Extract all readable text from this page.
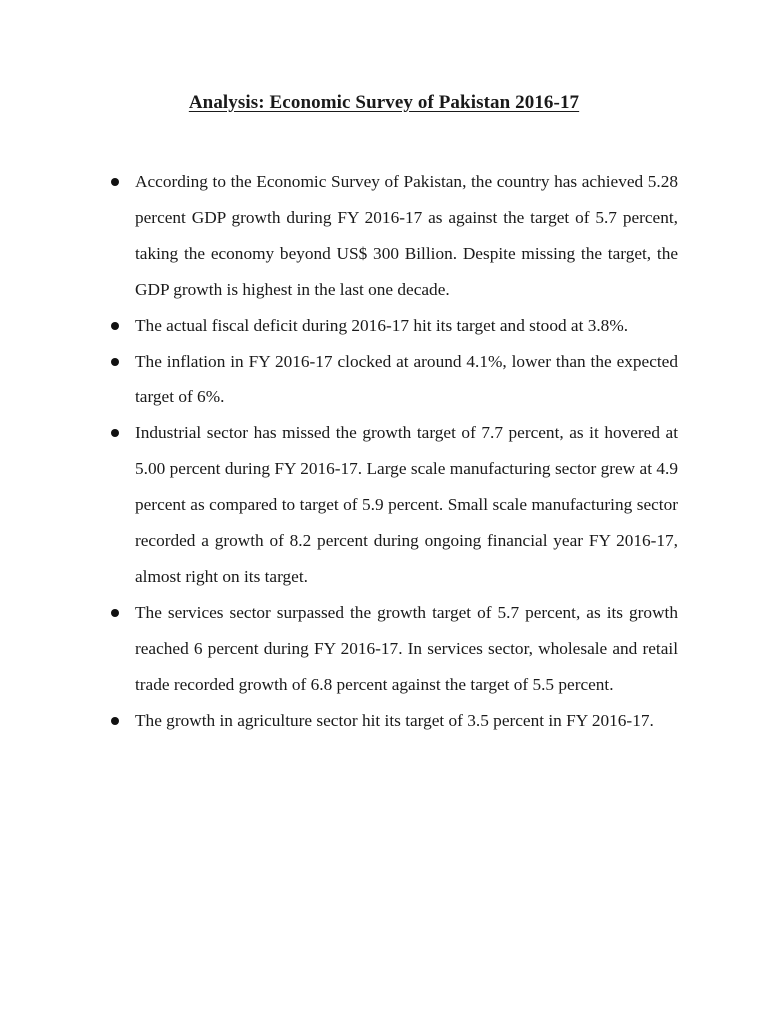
Analysis: Economic Survey of Pakistan 2016-17
According to the Economic Survey of Pakistan, the country has achieved 5.28 percent GDP growth during FY 2016-17 as against the target of 5.7 percent, taking the economy beyond US$ 300 Billion. Despite missing the target, the GDP growth is highest in the last one decade.
The actual fiscal deficit during 2016-17 hit its target and stood at 3.8%.
The inflation in FY 2016-17 clocked at around 4.1%, lower than the expected target of 6%.
Industrial sector has missed the growth target of 7.7 percent, as it hovered at 5.00 percent during FY 2016-17. Large scale manufacturing sector grew at 4.9 percent as compared to target of 5.9 percent. Small scale manufacturing sector recorded a growth of 8.2 percent during ongoing financial year FY 2016-17, almost right on its target.
The services sector surpassed the growth target of 5.7 percent, as its growth reached 6 percent during FY 2016-17. In services sector, wholesale and retail trade recorded growth of 6.8 percent against the target of 5.5 percent.
The growth in agriculture sector hit its target of 3.5 percent in FY 2016-17.
